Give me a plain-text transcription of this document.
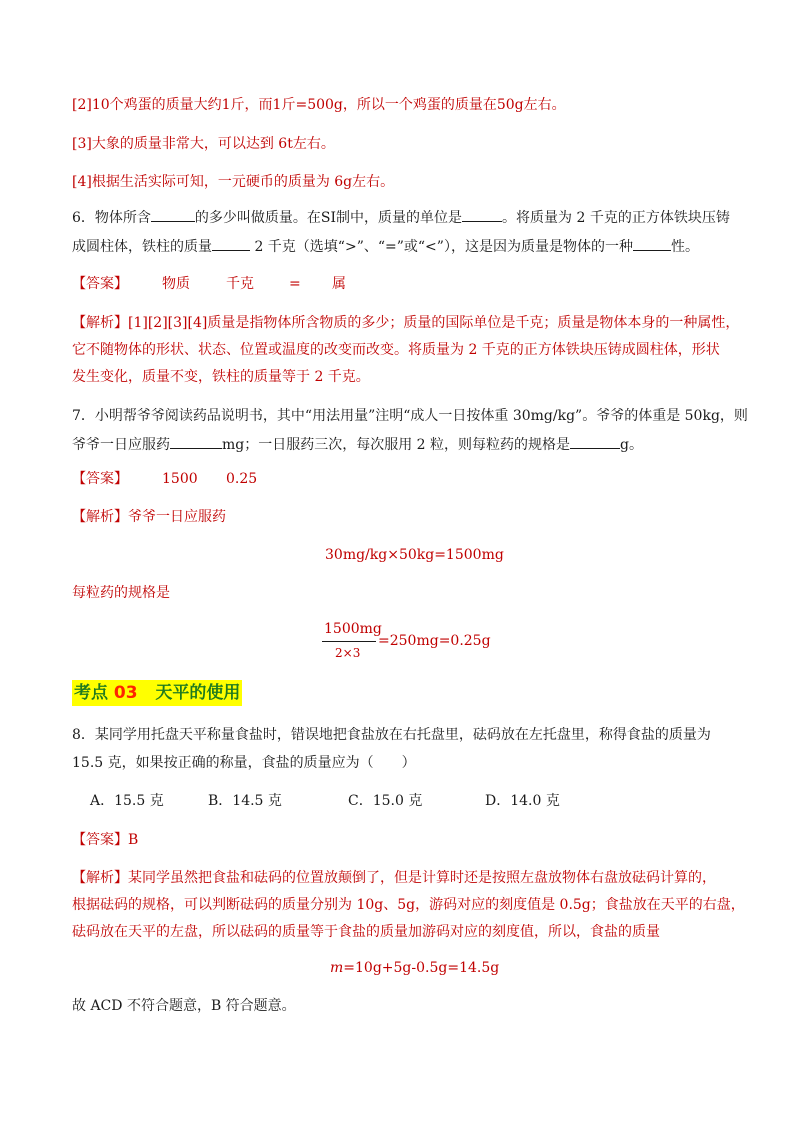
[2]10个鸡蛋的质量大约1斤，而1斤=500g，所以一个鸡蛋的质量在50g左右。
[3]大象的质量非常大，可以达到 6t左右。
[4]根据生活实际可知，一元硬币的质量为 6g左右。
6．物体所含	的多少叫做质量。在SI制中，质量的单位是	。将质量为 2 千克的正方体铁块压铸
成圆柱体，铁柱的质量	2 千克（选填“>”、“=”或“<”），这是因为质量是物体的一种	性。
【答案】 物质	千克	= 属
【解析】[1][2][3][4]质量是指物体所含物质的多少；质量的国际单位是千克；质量是物体本身的一种属性，
它不随物体的形状、状态、位置或温度的改变而改变。将质量为 2 千克的正方体铁块压铸成圆柱体，形状
发生变化，质量不变，铁柱的质量等于 2 千克。
7．小明帮爷爷阅读药品说明书，其中“用法用量”注明“成人一日按体重 30mg/kg”。爷爷的体重是 50kg，则
爷爷一日应服药	mg；一日服药三次，每次服用 2 粒，则每粒药的规格是	g。
【答案】 1500 0.25
【解析】爷爷一日应服药
30mg/kg×50kg=1500mg
每粒药的规格是
1500mg
2×3
=250mg=0.25g
考点 03   天平的使用
8．某同学用托盘天平称量食盐时，错误地把食盐放在右托盘里，砝码放在左托盘里，称得食盐的质量为
15.5 克，如果按正确的称量，食盐的质量应为（　　）
A．15.5 克	B．14.5 克	C．15.0 克	D．14.0 克
【答案】B
【解析】某同学虽然把食盐和砝码的位置放颠倒了，但是计算时还是按照左盘放物体右盘放砝码计算的，
根据砝码的规格，可以判断砝码的质量分别为 10g、5g，游码对应的刻度值是 0.5g；食盐放在天平的右盘，
砝码放在天平的左盘，所以砝码的质量等于食盐的质量加游码对应的刻度值，所以，食盐的质量
m=10g+5g-0.5g=14.5g
故 ACD 不符合题意，B 符合题意。
